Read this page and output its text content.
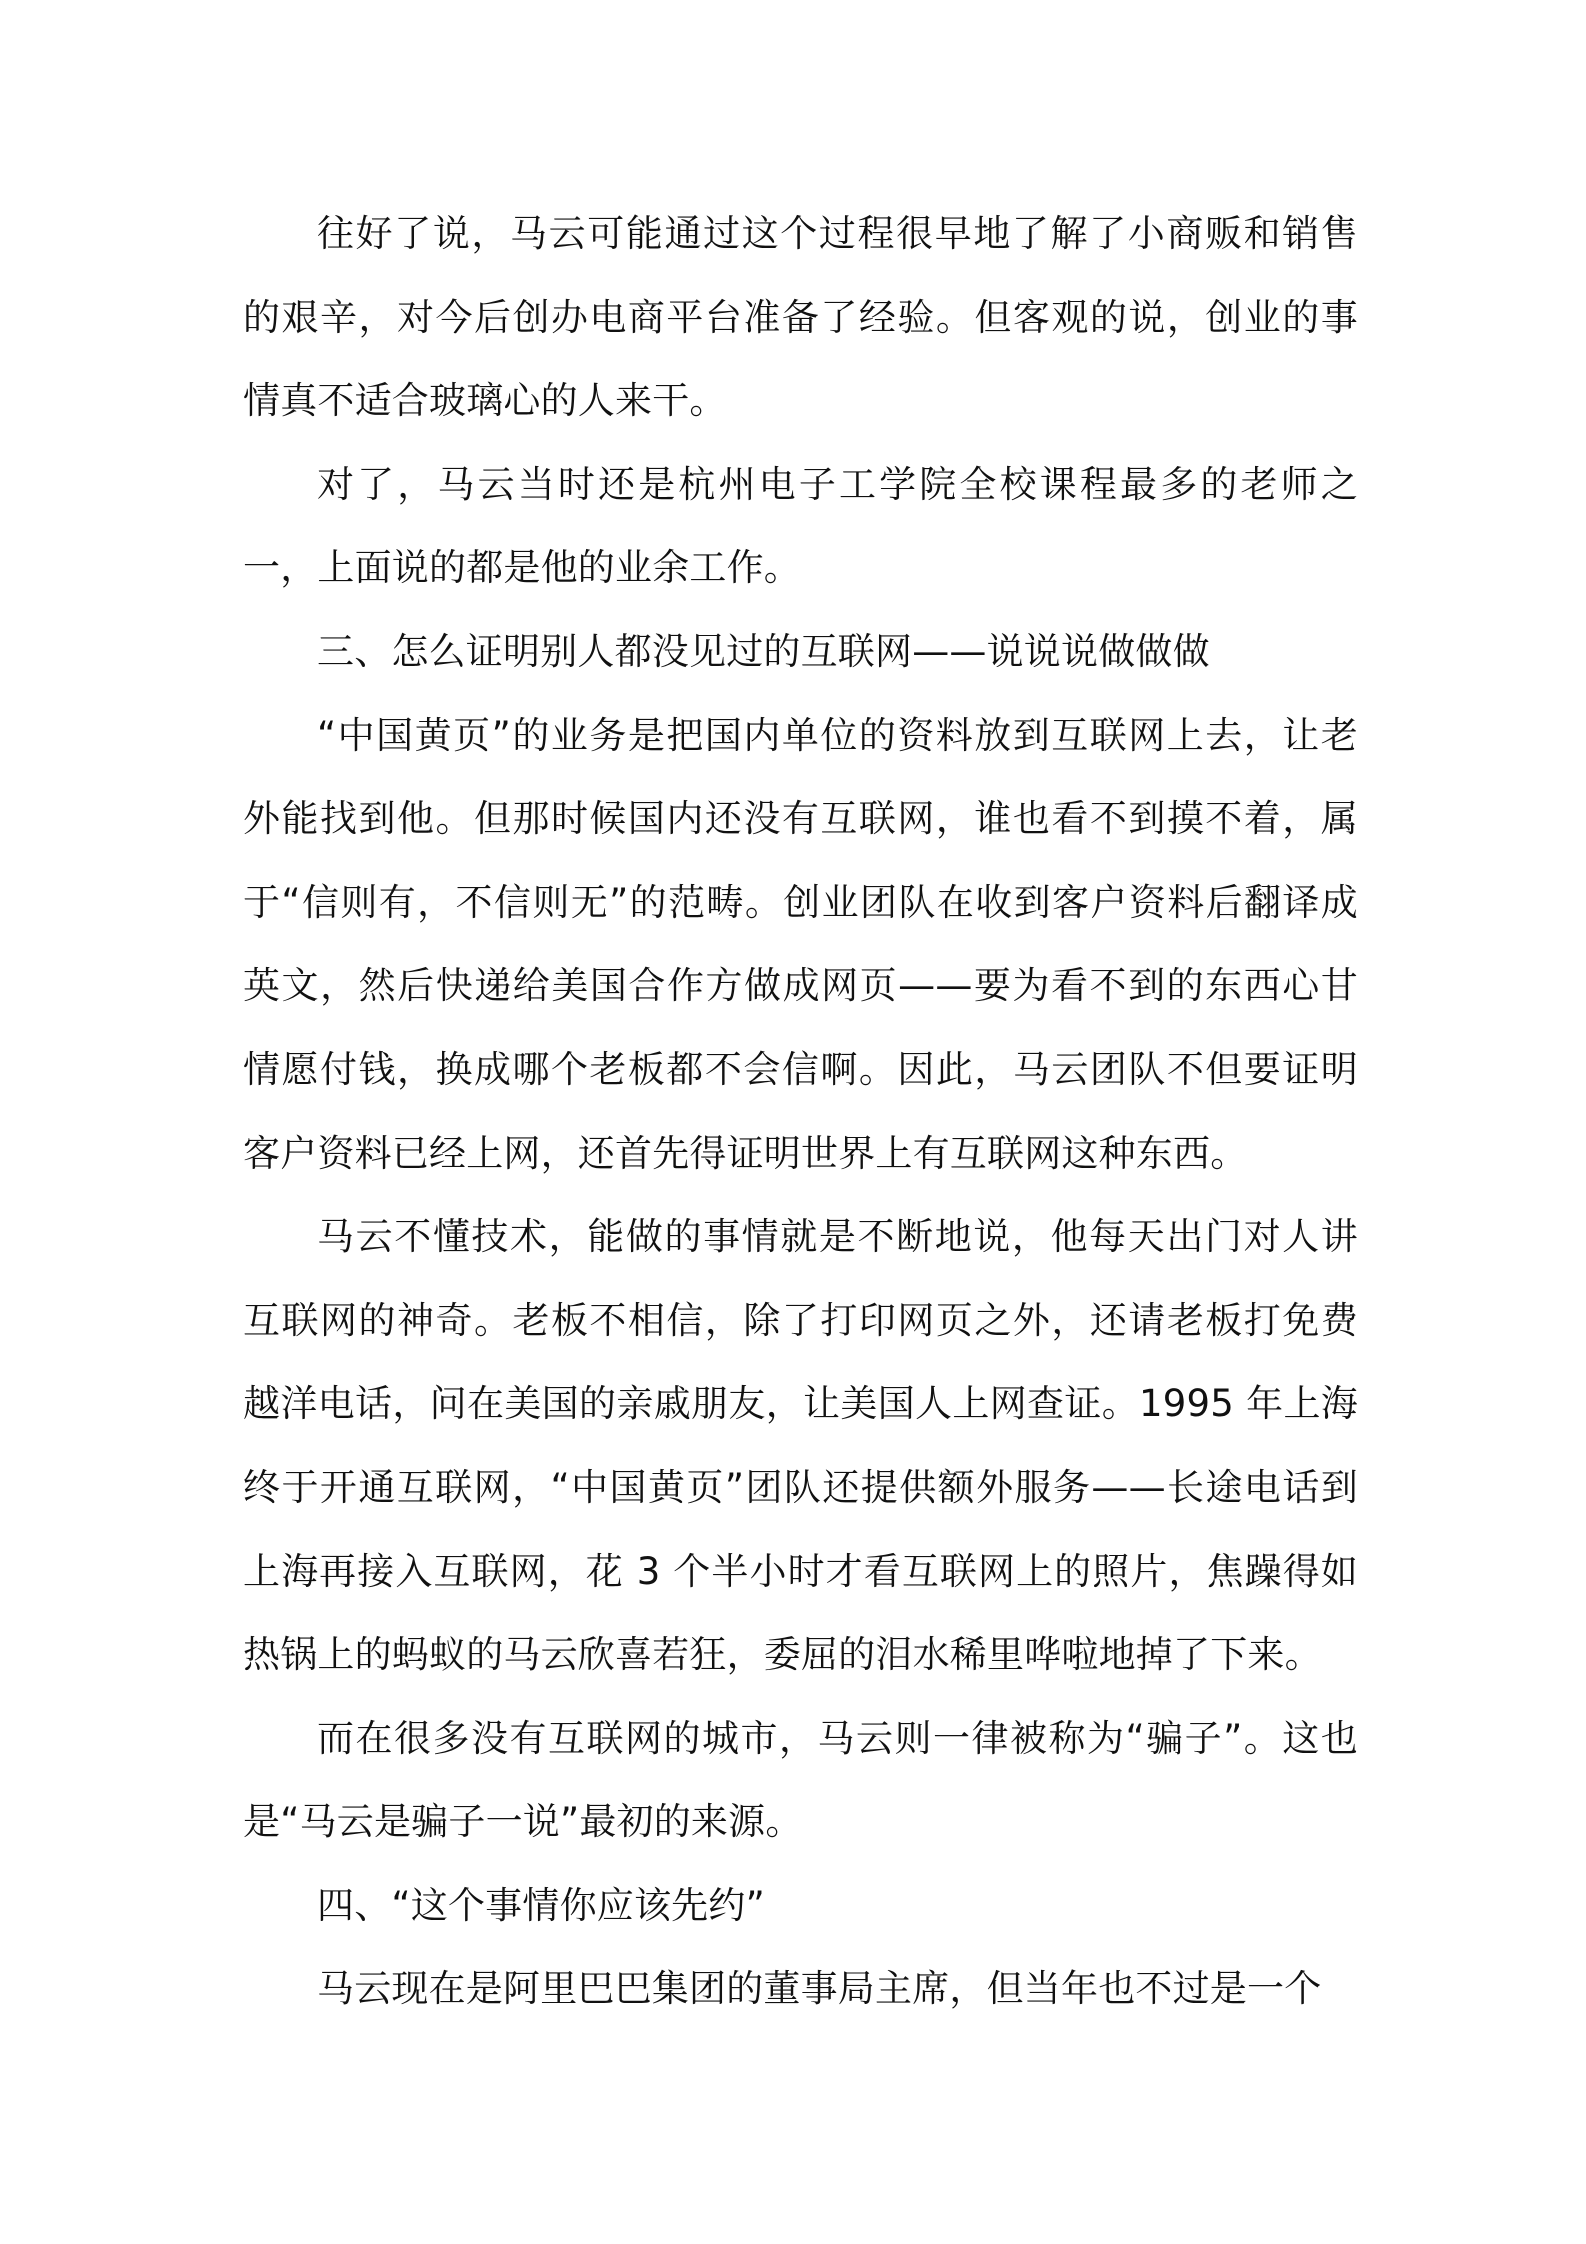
往好了说，马云可能通过这个过程很早地了解了小商贩和销售的艰辛，对今后创办电商平台准备了经验。但客观的说，创业的事情真不适合玻璃心的人来干。

对了，马云当时还是杭州电子工学院全校课程最多的老师之一，上面说的都是他的业余工作。

三、怎么证明别人都没见过的互联网——说说说做做做

“中国黄页”的业务是把国内单位的资料放到互联网上去，让老外能找到他。但那时候国内还没有互联网，谁也看不到摸不着，属于“信则有，不信则无”的范畴。创业团队在收到客户资料后翻译成英文，然后快递给美国合作方做成网页——要为看不到的东西心甘情愿付钱，换成哪个老板都不会信啊。因此，马云团队不但要证明客户资料已经上网，还首先得证明世界上有互联网这种东西。

马云不懂技术，能做的事情就是不断地说，他每天出门对人讲互联网的神奇。老板不相信，除了打印网页之外，还请老板打免费越洋电话，问在美国的亲戚朋友，让美国人上网查证。1995 年上海终于开通互联网，“中国黄页”团队还提供额外服务——长途电话到上海再接入互联网，花 3 个半小时才看互联网上的照片，焦躁得如热锅上的蚂蚁的马云欣喜若狂，委屈的泪水稀里哗啦地掉了下来。

而在很多没有互联网的城市，马云则一律被称为“骗子”。这也是“马云是骗子一说”最初的来源。

四、“这个事情你应该先约”

马云现在是阿里巴巴集团的董事局主席，但当年也不过是一个
